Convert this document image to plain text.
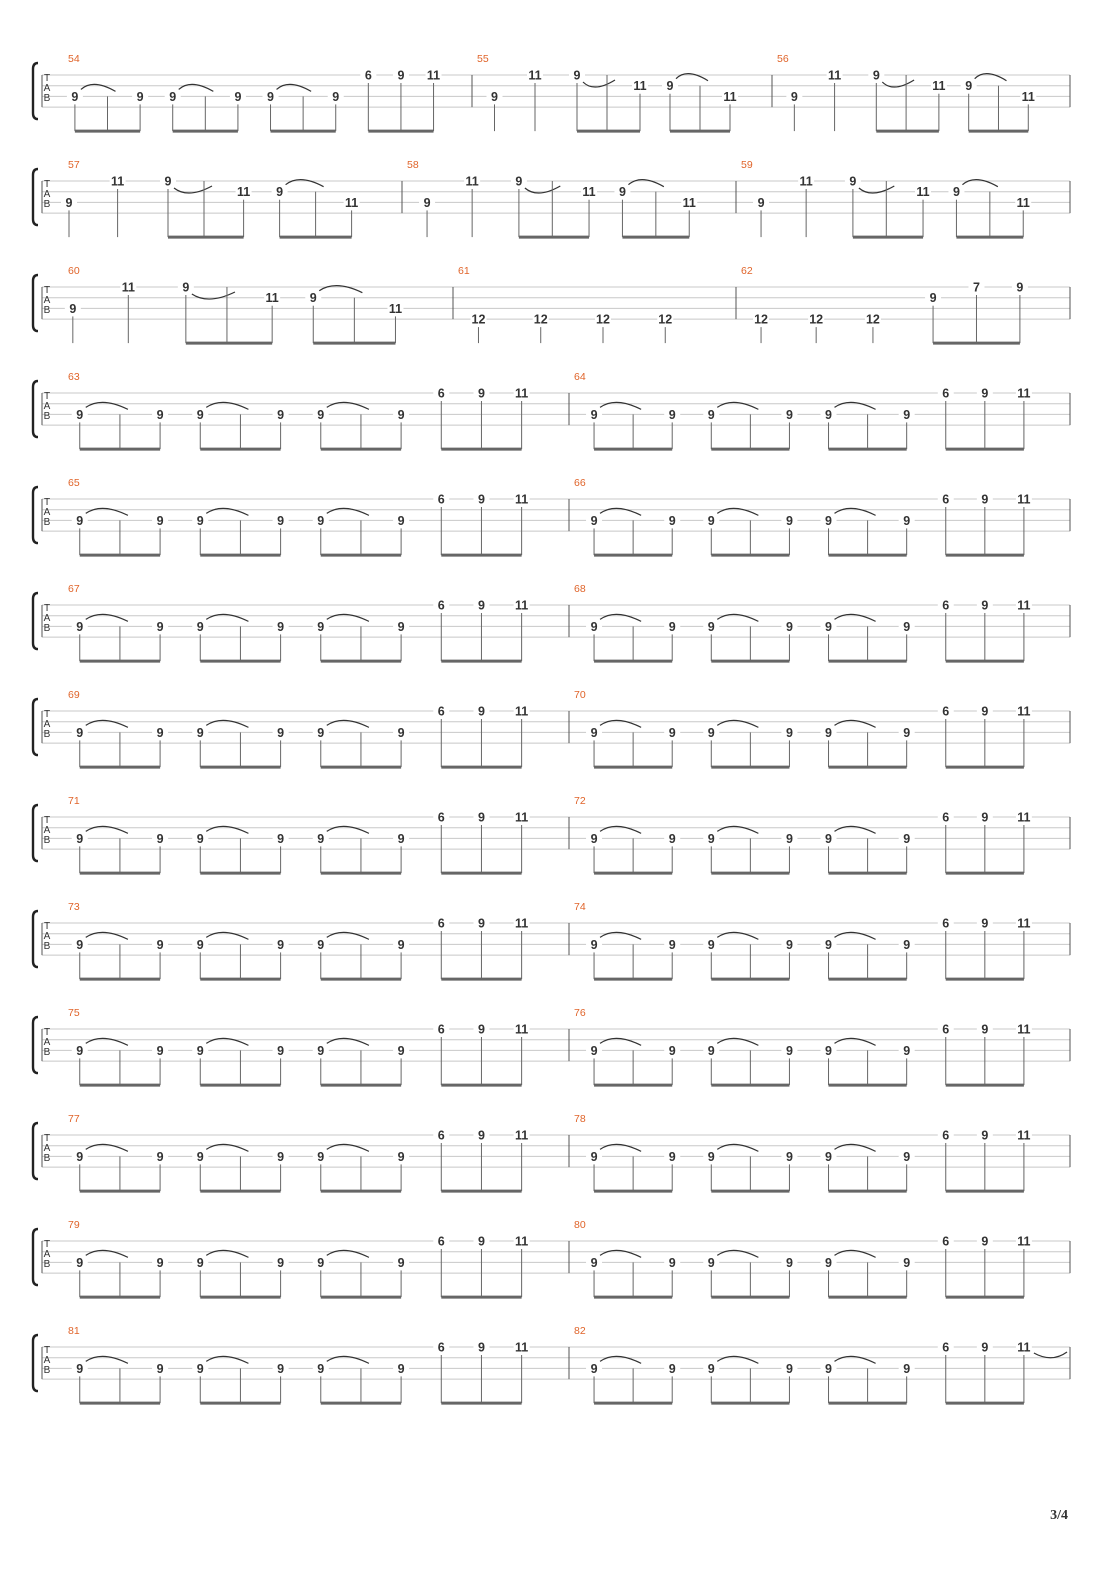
T
A
B
54
9	9 9	9 9	9
6 9 11
55
9
11	9
11 9
11
56
9
11	9
11 9
11
T
A
B
57
9
11	9
11 9
11
58
9
11	9
11 9
11
59
9
11	9
11 9
11
T
A
B
60
9
11	9
11 9
11
61
12	12	12	12
62
12	12	12
9
7	9
T
A
B
63
9	9	9	9	9	9
6	9 11
64
9	9	9	9	9	9
6	9 11
T
A
B
65
9	9	9	9	9	9
6	9 11
66
9	9	9	9	9	9
6	9 11
T
A
B
67
9	9	9	9	9	9
6	9 11
68
9	9	9	9	9	9
6	9 11
T
A
B
69
9	9	9	9	9	9
6	9 11
70
9	9	9	9	9	9
6	9 11
T
A
B
71
9	9	9	9	9	9
6	9 11
72
9	9	9	9	9	9
6	9 11
T
A
B
73
9	9	9	9	9	9
6	9 11
74
9	9	9	9	9	9
6	9 11
T
A
B
75
9	9	9	9	9	9
6	9 11
76
9	9	9	9	9	9
6	9 11
T
A
B
77
9	9	9	9	9	9
6	9 11
78
9	9	9	9	9	9
6	9 11
T
A
B
79
9	9	9	9	9	9
6	9 11
80
9	9	9	9	9	9
6	9 11
T
A
B
81
9	9	9	9	9	9
6	9 11
82
9	9	9	9	9	9
6	9 11
3/4
